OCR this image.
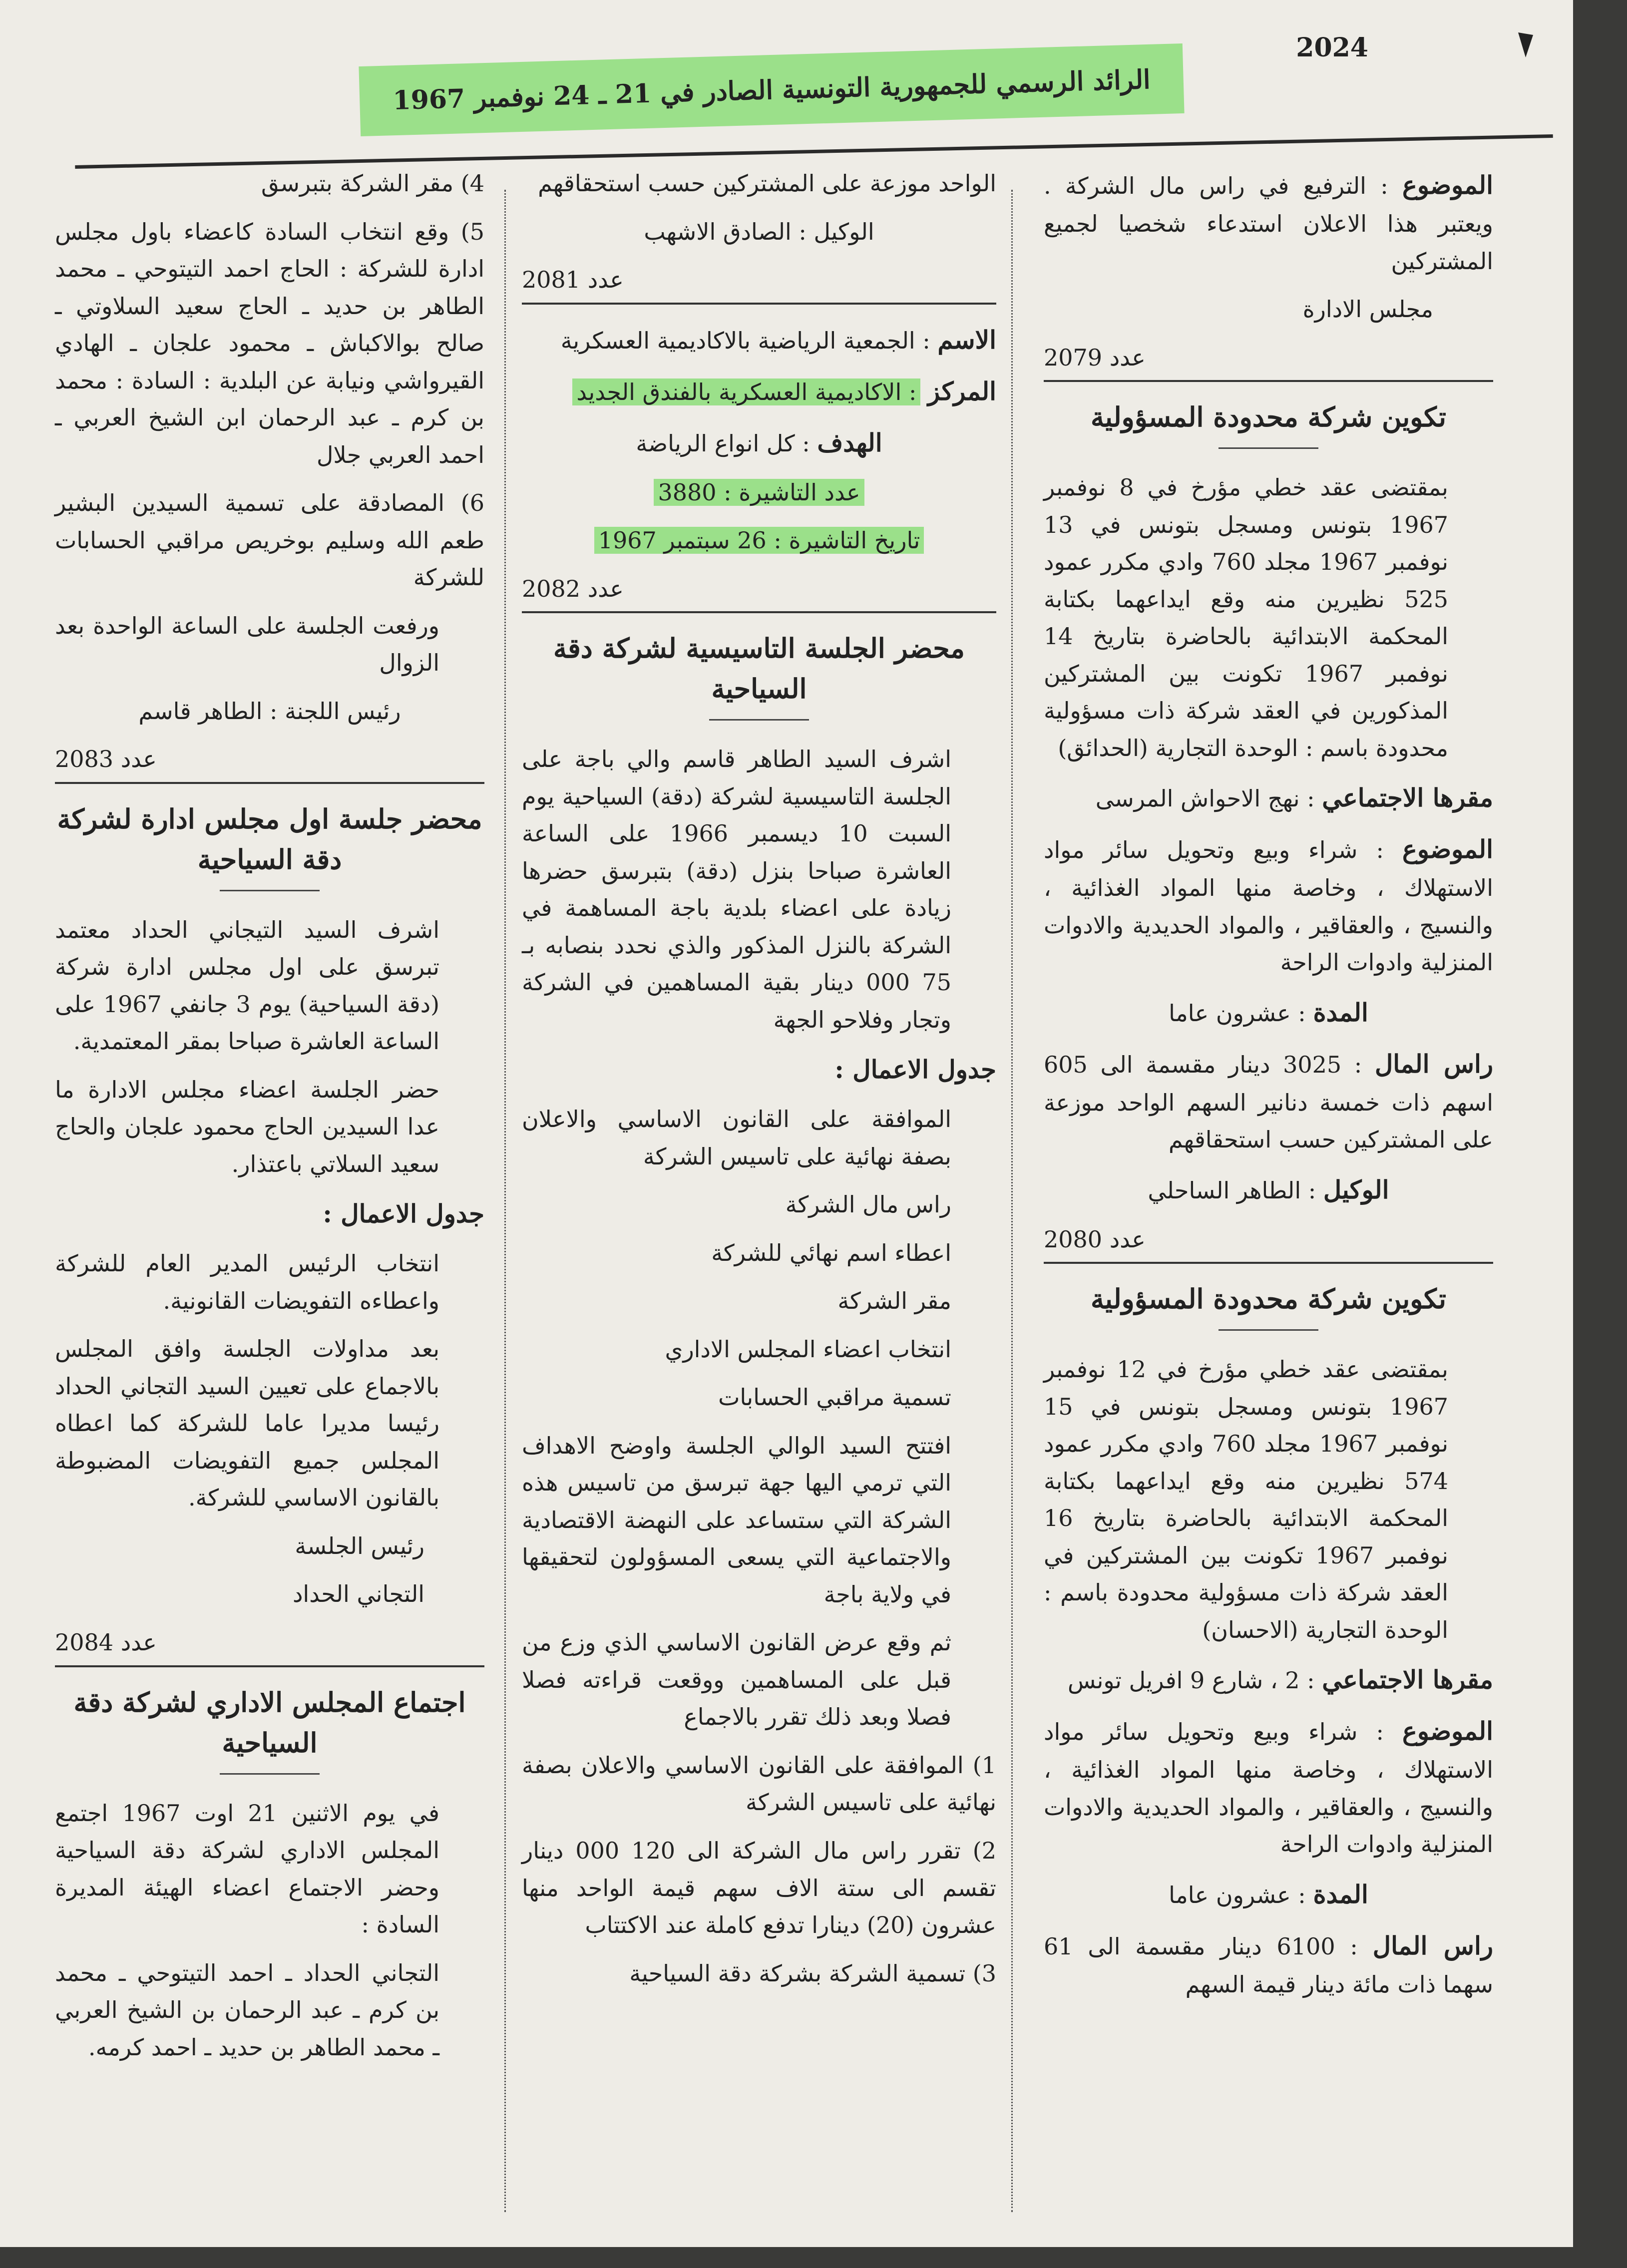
2024
الرائد الرسمي للجمهورية التونسية الصادر في 21 ـ 24 نوفمبر 1967

الموضوع : الترفيع في راس مال الشركة . ويعتبر هذا الاعلان استدعاء شخصيا لجميع المشتركين

مجلس الادارة

عدد 2079
تكوين شركة محدودة المسؤولية

بمقتضى عقد خطي مؤرخ في 8 نوفمبر 1967 بتونس ومسجل بتونس في 13 نوفمبر 1967 مجلد 760 وادي مكرر عمود 525 نظيرين منه وقع ايداعهما بكتابة المحكمة الابتدائية بالحاضرة بتاريخ 14 نوفمبر 1967 تكونت بين المشتركين المذكورين في العقد شركة ذات مسؤولية محدودة باسم : الوحدة التجارية (الحدائق)

مقرها الاجتماعي : نهج الاحواش المرسى

الموضوع : شراء وبيع وتحويل سائر مواد الاستهلاك ، وخاصة منها المواد الغذائية ، والنسيج ، والعقاقير ، والمواد الحديدية والادوات المنزلية وادوات الراحة

المدة : عشرون عاما

راس المال : 3025 دينار مقسمة الى 605 اسهم ذات خمسة دنانير السهم الواحد موزعة على المشتركين حسب استحقاقهم

الوكيل : الطاهر الساحلي

عدد 2080
تكوين شركة محدودة المسؤولية

بمقتضى عقد خطي مؤرخ في 12 نوفمبر 1967 بتونس ومسجل بتونس في 15 نوفمبر 1967 مجلد 760 وادي مكرر عمود 574 نظيرين منه وقع ايداعهما بكتابة المحكمة الابتدائية بالحاضرة بتاريخ 16 نوفمبر 1967 تكونت بين المشتركين في العقد شركة ذات مسؤولية محدودة باسم : الوحدة التجارية (الاحسان)

مقرها الاجتماعي : 2 ، شارع 9 افريل تونس

الموضوع : شراء وبيع وتحويل سائر مواد الاستهلاك ، وخاصة منها المواد الغذائية ، والنسيج ، والعقاقير ، والمواد الحديدية والادوات المنزلية وادوات الراحة

المدة : عشرون عاما

راس المال : 6100 دينار مقسمة الى 61 سهما ذات مائة دينار قيمة السهم

الواحد موزعة على المشتركين حسب استحقاقهم

الوكيل : الصادق الاشهب

عدد 2081

الاسم : الجمعية الرياضية بالاكاديمية العسكرية

المركز : الاكاديمية العسكرية بالفندق الجديد

الهدف : كل انواع الرياضة

عدد التاشيرة : 3880

تاريخ التاشيرة : 26 سبتمبر 1967

عدد 2082
محضر الجلسة التاسيسية لشركة دقة السياحية

اشرف السيد الطاهر قاسم والي باجة على الجلسة التاسيسية لشركة (دقة) السياحية يوم السبت 10 ديسمبر 1966 على الساعة العاشرة صباحا بنزل (دقة) بتبرسق حضرها زيادة على اعضاء بلدية باجة المساهمة في الشركة بالنزل المذكور والذي نحدد بنصابه بـ 75 000 دينار بقية المساهمين في الشركة وتجار وفلاحو الجهة

جدول الاعمال :

الموافقة على القانون الاساسي والاعلان بصفة نهائية على تاسيس الشركة

راس مال الشركة

اعطاء اسم نهائي للشركة

مقر الشركة

انتخاب اعضاء المجلس الاداري

تسمية مراقبي الحسابات

افتتح السيد الوالي الجلسة واوضح الاهداف التي ترمي اليها جهة تبرسق من تاسيس هذه الشركة التي ستساعد على النهضة الاقتصادية والاجتماعية التي يسعى المسؤولون لتحقيقها في ولاية باجة

ثم وقع عرض القانون الاساسي الذي وزع من قبل على المساهمين ووقعت قراءته فصلا فصلا وبعد ذلك تقرر بالاجماع

1) الموافقة على القانون الاساسي والاعلان بصفة نهائية على تاسيس الشركة

2) تقرر راس مال الشركة الى 120 000 دينار تقسم الى ستة الاف سهم قيمة الواحد منها عشرون (20) دينارا تدفع كاملة عند الاكتتاب

3) تسمية الشركة بشركة دقة السياحية

4) مقر الشركة بتبرسق

5) وقع انتخاب السادة كاعضاء باول مجلس ادارة للشركة : الحاج احمد التيتوحي ـ محمد الطاهر بن حديد ـ الحاج سعيد السلاوتي ـ صالح بوالاكباش ـ محمود علجان ـ الهادي القيرواشي ونيابة عن البلدية : السادة : محمد بن كرم ـ عبد الرحمان ابن الشيخ العربي ـ احمد العربي جلال

6) المصادقة على تسمية السيدين البشير طعم الله وسليم بوخريص مراقبي الحسابات للشركة

ورفعت الجلسة على الساعة الواحدة بعد الزوال

رئيس اللجنة : الطاهر قاسم

عدد 2083
محضر جلسة اول مجلس ادارة لشركة دقة السياحية

اشرف السيد التيجاني الحداد معتمد تبرسق على اول مجلس ادارة شركة (دقة السياحية) يوم 3 جانفي 1967 على الساعة العاشرة صباحا بمقر المعتمدية.

حضر الجلسة اعضاء مجلس الادارة ما عدا السيدين الحاج محمود علجان والحاج سعيد السلاتي باعتذار.

جدول الاعمال :

انتخاب الرئيس المدير العام للشركة واعطاءه التفويضات القانونية.

بعد مداولات الجلسة وافق المجلس بالاجماع على تعيين السيد التجاني الحداد رئيسا مديرا عاما للشركة كما اعطاه المجلس جميع التفويضات المضبوطة بالقانون الاساسي للشركة.

رئيس الجلسة

التجاني الحداد

عدد 2084
اجتماع المجلس الاداري لشركة دقة السياحية

في يوم الاثنين 21 اوت 1967 اجتمع المجلس الاداري لشركة دقة السياحية وحضر الاجتماع اعضاء الهيئة المديرة السادة :

التجاني الحداد ـ احمد التيتوحي ـ محمد بن كرم ـ عبد الرحمان بن الشيخ العربي ـ محمد الطاهر بن حديد ـ احمد كرمه.
